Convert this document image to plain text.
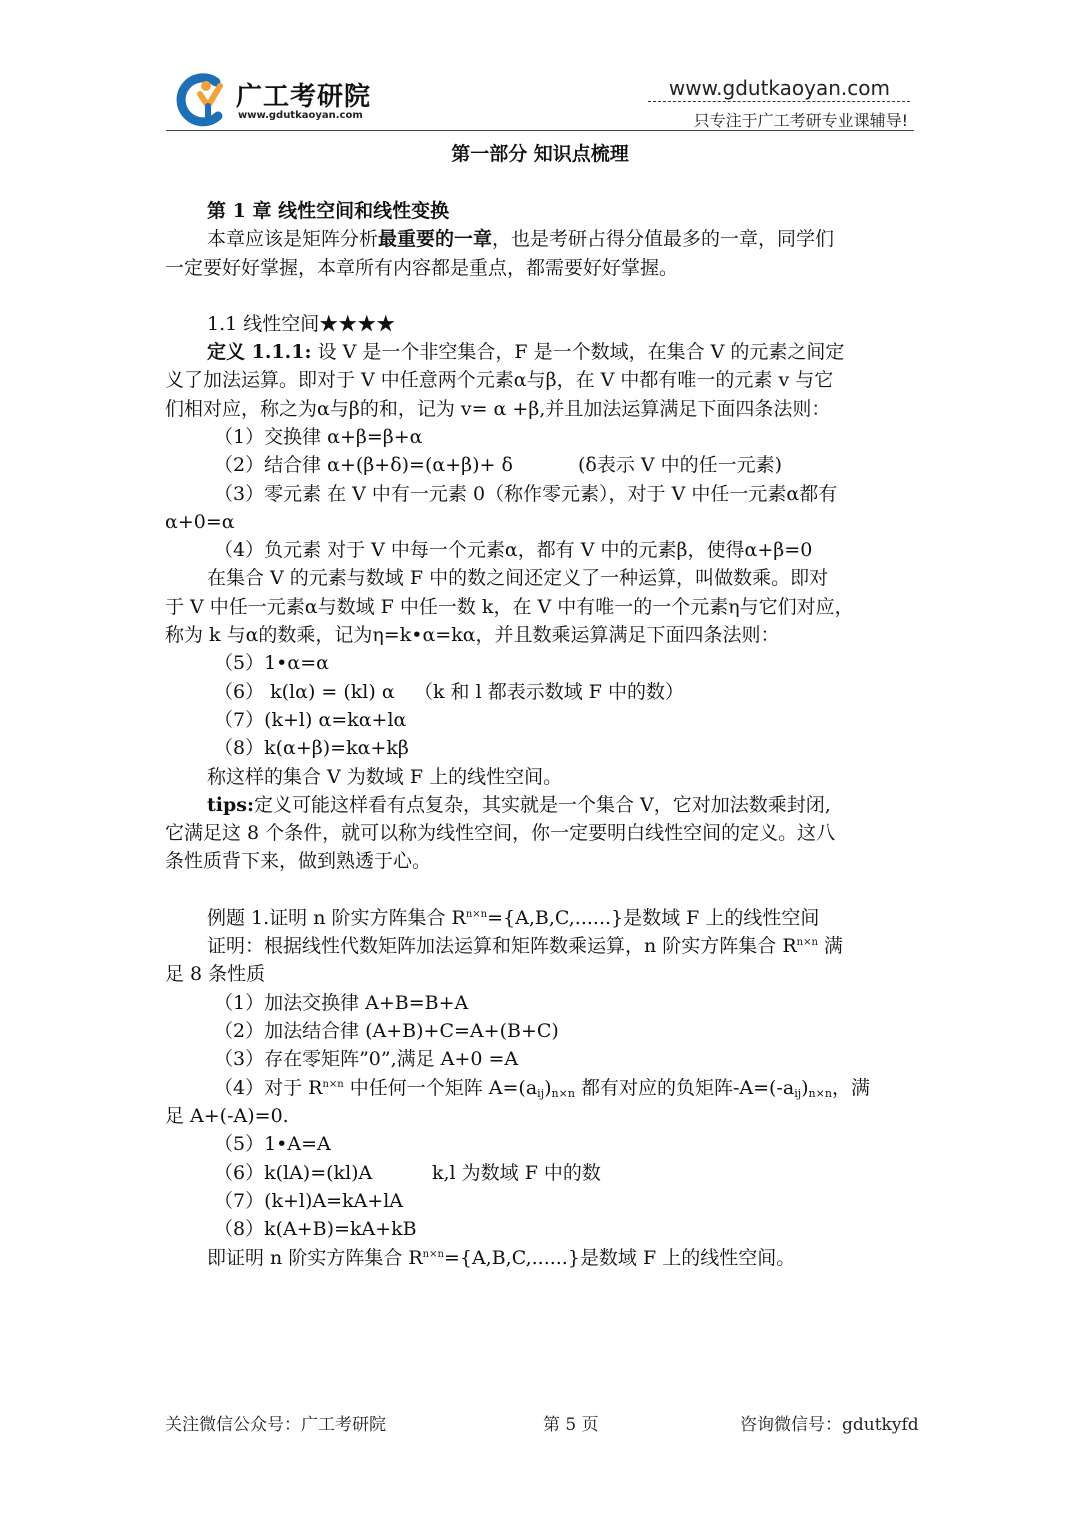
广工考研院
www.gdutkaoyan.com
www.gdutkaoyan.com
只专注于广工考研专业课辅导!
第一部分 知识点梳理
第 1 章 线性空间和线性变换
本章应该是矩阵分析最重要的一章，也是考研占得分值最多的一章，同学们
一定要好好掌握，本章所有内容都是重点，都需要好好掌握。
1.1 线性空间★★★★
定义 1.1.1: 设 V 是一个非空集合，F 是一个数域，在集合 V 的元素之间定
义了加法运算。即对于 V 中任意两个元素α与β，在 V 中都有唯一的元素 v 与它
们相对应，称之为α与β的和，记为 v= α +β,并且加法运算满足下面四条法则：
（1）交换律 α+β=β+α
（2）结合律 α+(β+δ)=(α+β)+ δ	(δ表示 V 中的任一元素)
（3）零元素 在 V 中有一元素 0（称作零元素），对于 V 中任一元素α都有
α+0=α
（4）负元素 对于 V 中每一个元素α，都有 V 中的元素β，使得α+β=0
在集合 V 的元素与数域 F 中的数之间还定义了一种运算，叫做数乘。即对
于 V 中任一元素α与数域 F 中任一数 k，在 V 中有唯一的一个元素η与它们对应，
称为 k 与α的数乘，记为η=k•α=kα，并且数乘运算满足下面四条法则：
（5）1•α=α
（6） k(lα) = (kl) α （k 和 l 都表示数域 F 中的数）
（7）(k+l) α=kα+lα
（8）k(α+β)=kα+kβ
称这样的集合 V 为数域 F 上的线性空间。
tips:定义可能这样看有点复杂，其实就是一个集合 V，它对加法数乘封闭,
它满足这 8 个条件，就可以称为线性空间，你一定要明白线性空间的定义。这八
条性质背下来，做到熟透于心。
例题 1.证明 n 阶实方阵集合 $R^{n\times n}=\{A,B,C,......\}$是数域 F 上的线性空间
证明：根据线性代数矩阵加法运算和矩阵数乘运算，n 阶实方阵集合 $R^{n\times n}$ 满
足 8 条性质
（1）加法交换律 A+B=B+A
（2）加法结合律 (A+B)+C=A+(B+C)
（3）存在零矩阵”0”,满足 A+0 =A
（4）对于 $R^{n\times n}$ 中任何一个矩阵 $A=(a_{ij})_{n\times n}$ 都有对应的负矩阵$-A=(-a_{ij})_{n\times n}$，满
足 A+(-A)=0.
（5）1•A=A
（6）k(lA)=(kl)A	k,l 为数域 F 中的数
（7）(k+l)A=kA+lA
（8）k(A+B)=kA+kB
即证明 n 阶实方阵集合 $R^{n\times n}=\{A,B,C,......\}$是数域 F 上的线性空间。
关注微信公众号：广工考研院	第 5 页	咨询微信号：gdutkyfd
